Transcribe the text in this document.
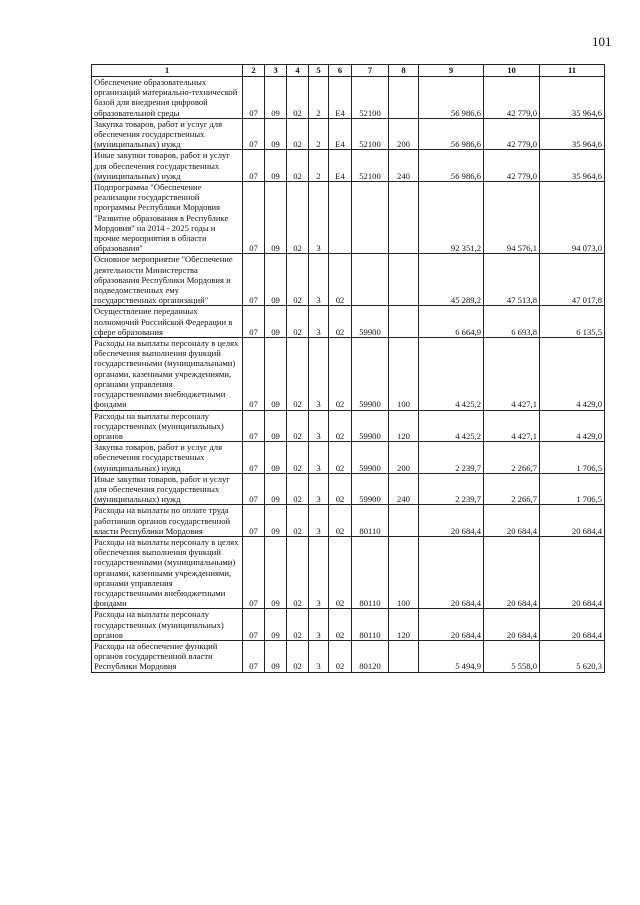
101
1	2	3	4	5	6	7	8	9	10	11
Обеспечение образовательных организаций материально-технической базой для внедрения цифровой образовательной среды	07	09	02	2	Е4	52100		56 986,6	42 779,0	35 964,6
Закупка товаров, работ и услуг для обеспечения государственных (муниципальных) нужд	07	09	02	2	Е4	52100	200	56 986,6	42 779,0	35 964,6
Иные закупки товаров, работ и услуг для обеспечения государственных (муниципальных) нужд	07	09	02	2	Е4	52100	240	56 986,6	42 779,0	35 964,6
Подпрограмма "Обеспечение реализации государственной программы Республики Мордовия "Развитие образования в Республике Мордовия" на 2014 - 2025 годы и прочие мероприятия в области образования"	07	09	02	3				92 351,2	94 576,1	94 073,0
Основное мероприятие "Обеспечение деятельности Министерства образования Республики Мордовия и подведомственных ему государственных организаций"	07	09	02	3	02			45 289,2	47 513,8	47 017,8
Осуществление переданных полномочий Российской Федерации в сфере образования	07	09	02	3	02	59900		6 664,9	6 693,8	6 135,5
Расходы на выплаты персоналу в целях обеспечения выполнения функций государственными (муниципальными) органами, казенными учреждениями, органами управления государственными внебюджетными фондами	07	09	02	3	02	59900	100	4 425,2	4 427,1	4 429,0
Расходы на выплаты персоналу государственных (муниципальных) органов	07	09	02	3	02	59900	120	4 425,2	4 427,1	4 429,0
Закупка товаров, работ и услуг для обеспечения государственных (муниципальных) нужд	07	09	02	3	02	59900	200	2 239,7	2 266,7	1 706,5
Иные закупки товаров, работ и услуг для обеспечения государственных (муниципальных) нужд	07	09	02	3	02	59900	240	2 239,7	2 266,7	1 706,5
Расходы на выплаты по оплате труда работников органов государственной власти Республики Мордовия	07	09	02	3	02	80110		20 684,4	20 684,4	20 684,4
Расходы на выплаты персоналу в целях обеспечения выполнения функций государственными (муниципальными) органами, казенными учреждениями, органами управления государственными внебюджетными фондами	07	09	02	3	02	80110	100	20 684,4	20 684,4	20 684,4
Расходы на выплаты персоналу государственных (муниципальных) органов	07	09	02	3	02	80110	120	20 684,4	20 684,4	20 684,4
Расходы на обеспечение функций органов государственной власти Республики Мордовия	07	09	02	3	02	80120		5 494,9	5 558,0	5 620,3
